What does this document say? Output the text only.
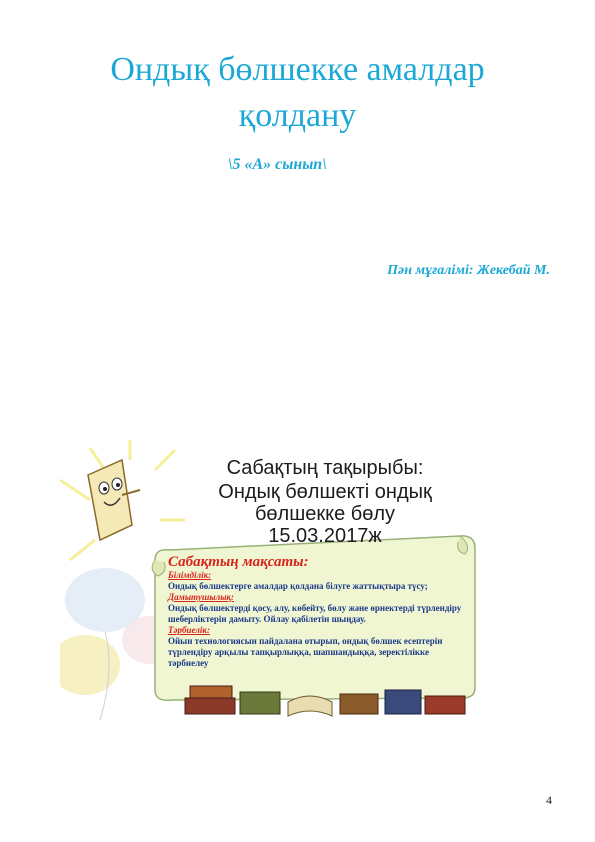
Ондық бөлшекке амалдар
қолдану
\5 «А» сынып\
Пән мұғалімі: Жекебай М.
Сабақтың тақырыбы:
Ондық бөлшекті ондық
бөлшекке бөлу
15.03.2017ж
Сабақтың мақсаты:
Білімділік:
Ондық бөлшектерге амалдар қолдана білуге жаттықтыра түсу;
Дамытушылық:
Ондық бөлшектерді қосу, алу, көбейту, бөлу және өрнектерді түрлендіру шеберліктерін дамыту. Ойлау қабілетін шыңдау.
Тәрбиелік:
Ойын технологиясын пайдалана отырып, ондық бөлшек есептерін түрлендіру арқылы тапқырлыққа, шапшандыққа, зеректілікке тәрбиелеу
4
